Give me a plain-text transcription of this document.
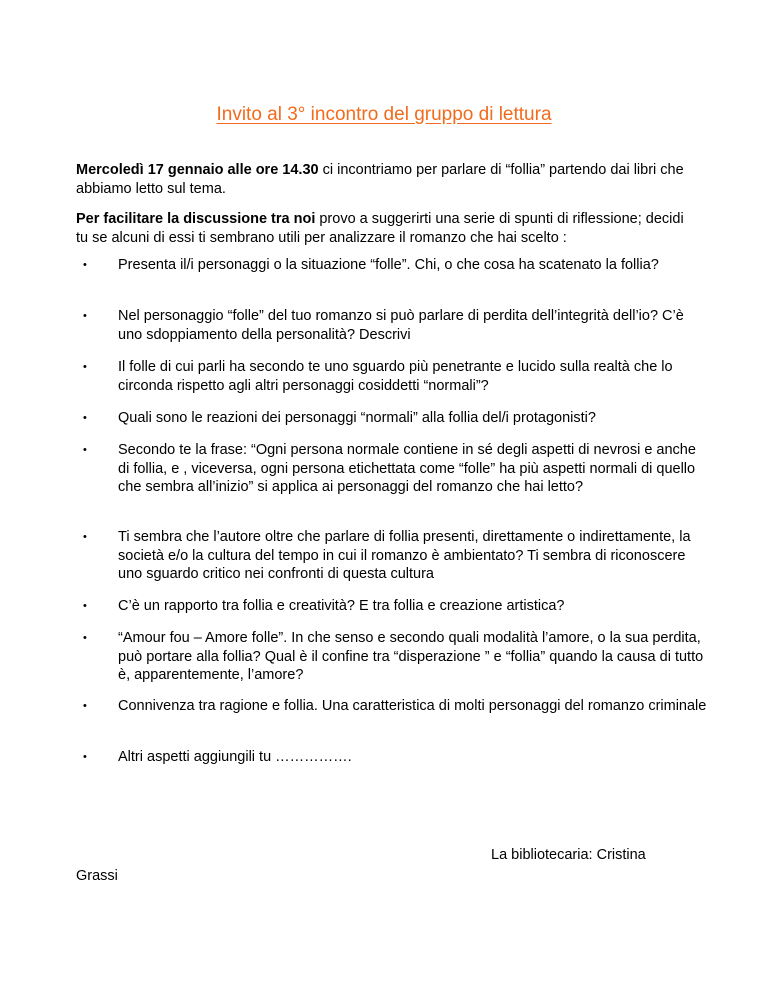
Invito al 3° incontro del gruppo di lettura
Mercoledì 17 gennaio alle ore 14.30 ci incontriamo per parlare di “follia” partendo dai libri che abbiamo letto sul tema.
Per facilitare la discussione tra noi provo a suggerirti una serie di spunti di riflessione; decidi tu se alcuni di essi ti sembrano utili per analizzare il romanzo che hai scelto :
• Presenta il/i personaggi o la situazione “folle”. Chi, o che cosa ha scatenato la follia?
• Nel personaggio “folle” del tuo romanzo si può parlare di perdita dell’integrità dell’io? C’è uno sdoppiamento della personalità? Descrivi
• Il folle di cui parli ha secondo te uno sguardo più penetrante e lucido sulla realtà che lo circonda rispetto agli altri personaggi cosiddetti “normali”?
• Quali sono le reazioni dei personaggi “normali” alla follia del/i protagonisti?
• Secondo te la frase: “Ogni persona normale contiene in sé degli aspetti di nevrosi e anche di follia, e , viceversa, ogni persona etichettata come “folle” ha più aspetti normali di quello che sembra all’inizio” si applica ai personaggi del romanzo che hai letto?
• Ti sembra che l’autore oltre che parlare di follia presenti, direttamente o indirettamente, la società e/o la cultura del tempo in cui il romanzo è ambientato? Ti sembra di riconoscere uno sguardo critico nei confronti di questa cultura
• C’è un rapporto tra follia e creatività? E tra follia e creazione artistica?
• “Amour fou – Amore folle”. In che senso e secondo quali modalità l’amore, o la sua perdita, può portare alla follia? Qual è il confine tra “disperazione ” e “follia” quando la causa di tutto è, apparentemente, l’amore?
• Connivenza tra ragione e follia. Una caratteristica di molti personaggi del romanzo criminale
• Altri aspetti aggiungili tu …………….
La bibliotecaria: Cristina
Grassi
